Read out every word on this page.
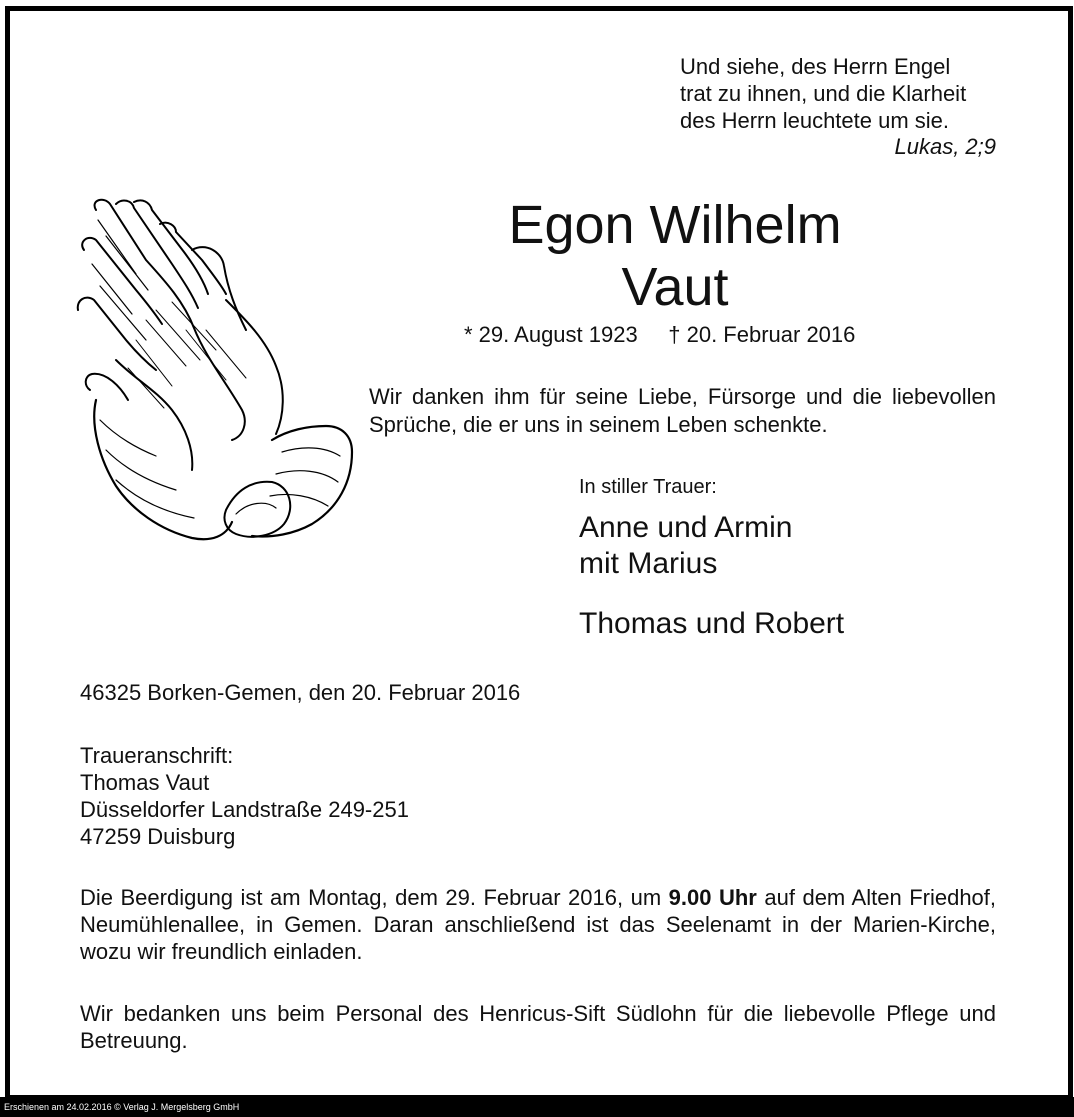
Und siehe, des Herrn Engel
trat zu ihnen, und die Klarheit
des Herrn leuchtete um sie.
Lukas, 2;9
Egon Wilhelm
Vaut
* 29. August 1923     † 20. Februar 2016
Wir danken ihm für seine Liebe, Fürsorge und die liebevollen Sprüche, die er uns in seinem Leben schenkte.
In stiller Trauer:
Anne und Armin
mit Marius
Thomas und Robert
46325 Borken-Gemen, den 20. Februar 2016
Traueranschrift:
Thomas Vaut
Düsseldorfer Landstraße 249-251
47259 Duisburg
Die Beerdigung ist am Montag, dem 29. Februar 2016, um 9.00 Uhr auf dem Alten Friedhof, Neumühlenallee, in Gemen. Daran anschließend ist das Seelenamt in der Marien-Kirche, wozu wir freundlich einladen.
Wir bedanken uns beim Personal des Henricus-Sift Südlohn für die liebevolle Pflege und Betreuung.
Erschienen am 24.02.2016 © Verlag J. Mergelsberg GmbH
